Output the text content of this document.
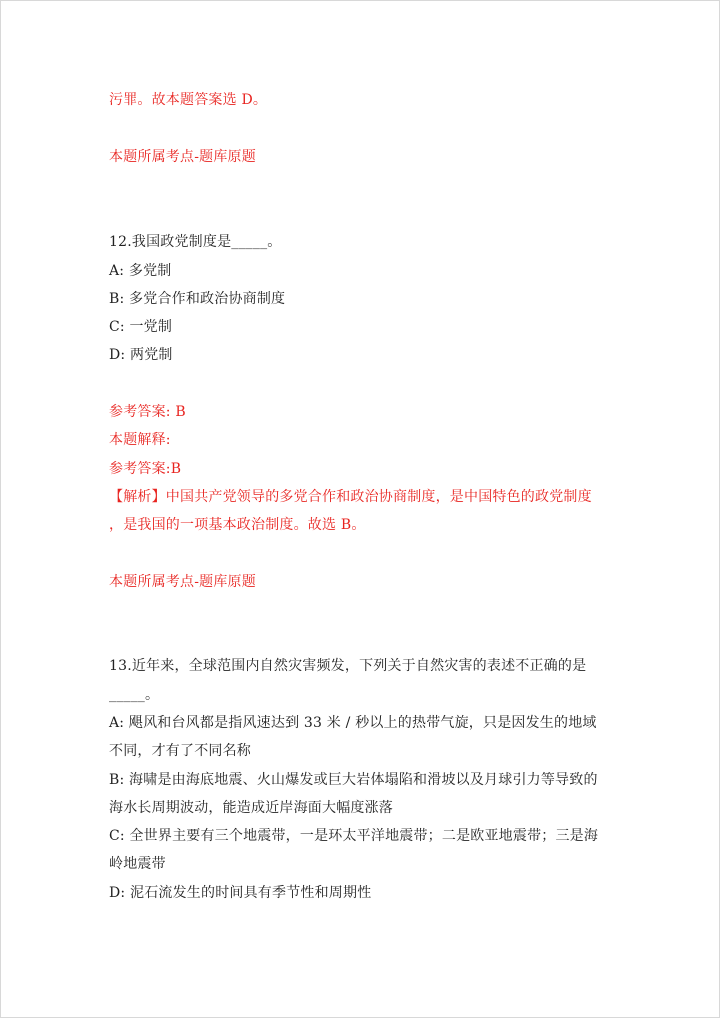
污罪。故本题答案选 D。
本题所属考点-题库原题
12.我国政党制度是_____。
A: 多党制
B: 多党合作和政治协商制度
C: 一党制
D: 两党制
参考答案: B
本题解释:
参考答案:B
【解析】中国共产党领导的多党合作和政治协商制度，是中国特色的政党制度
，是我国的一项基本政治制度。故选 B。
本题所属考点-题库原题
13.近年来，全球范围内自然灾害频发，下列关于自然灾害的表述不正确的是
_____。
A: 飓风和台风都是指风速达到 33 米 / 秒以上的热带气旋，只是因发生的地域
不同，才有了不同名称
B: 海啸是由海底地震、火山爆发或巨大岩体塌陷和滑坡以及月球引力等导致的
海水长周期波动，能造成近岸海面大幅度涨落
C: 全世界主要有三个地震带，一是环太平洋地震带；二是欧亚地震带；三是海
岭地震带
D: 泥石流发生的时间具有季节性和周期性
